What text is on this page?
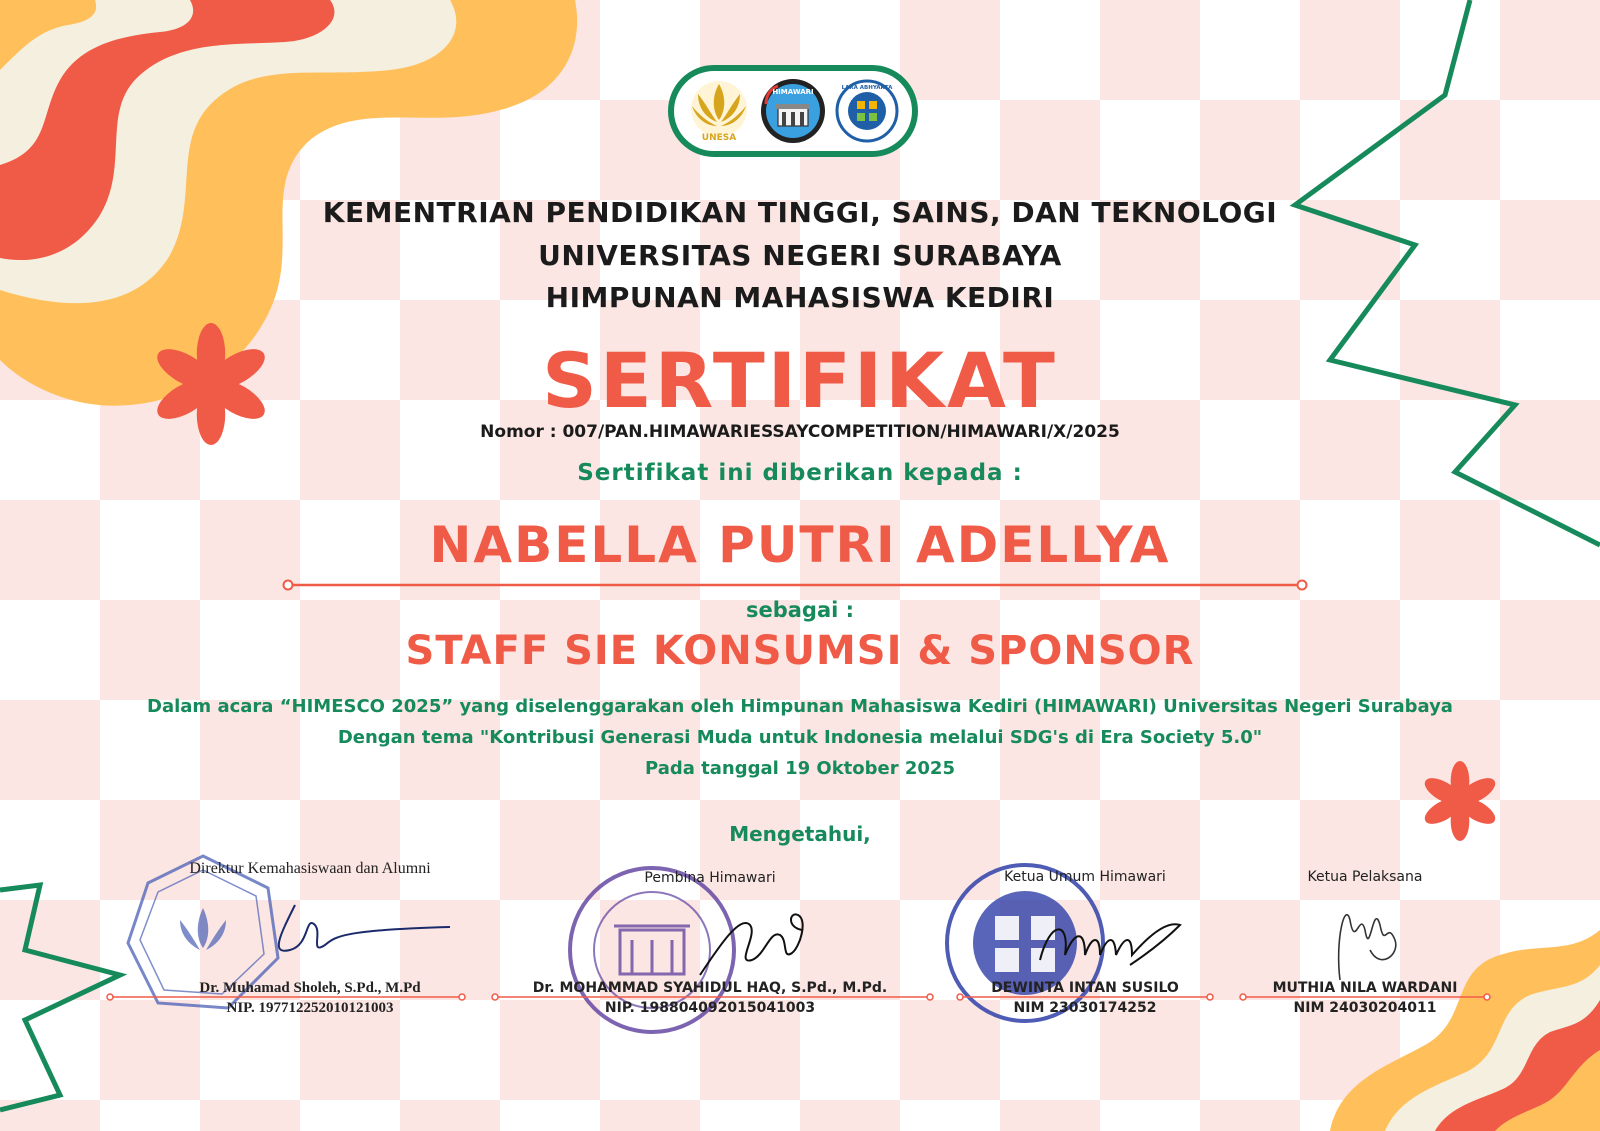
UNESA
HIMAWARI	LARA ABHYAKTA
KEMENTRIAN PENDIDIKAN TINGGI, SAINS, DAN TEKNOLOGI
UNIVERSITAS NEGERI SURABAYA
HIMPUNAN MAHASISWA KEDIRI
SERTIFIKAT
Nomor : 007/PAN.HIMAWARIESSAYCOMPETITION/HIMAWARI/X/2025
Sertifikat ini diberikan kepada :
NABELLA PUTRI ADELLYA
sebagai :
STAFF SIE KONSUMSI & SPONSOR
Dalam acara “HIMESCO 2025” yang diselenggarakan oleh Himpunan Mahasiswa Kediri (HIMAWARI) Universitas Negeri Surabaya
Dengan tema "Kontribusi Generasi Muda untuk Indonesia melalui SDG's di Era Society 5.0"
Pada tanggal 19 Oktober 2025
Mengetahui,
Direktur Kemahasiswaan dan Alumni
Dr. Muhamad Sholeh, S.Pd., M.Pd
NIP. 197712252010121003
Pembina Himawari
Dr. MOHAMMAD SYAHIDUL HAQ, S.Pd., M.Pd.
NIP. 198804092015041003
Ketua Umum Himawari
DEWINTA INTAN SUSILO
NIM 23030174252
Ketua Pelaksana
MUTHIA NILA WARDANI
NIM 24030204011
